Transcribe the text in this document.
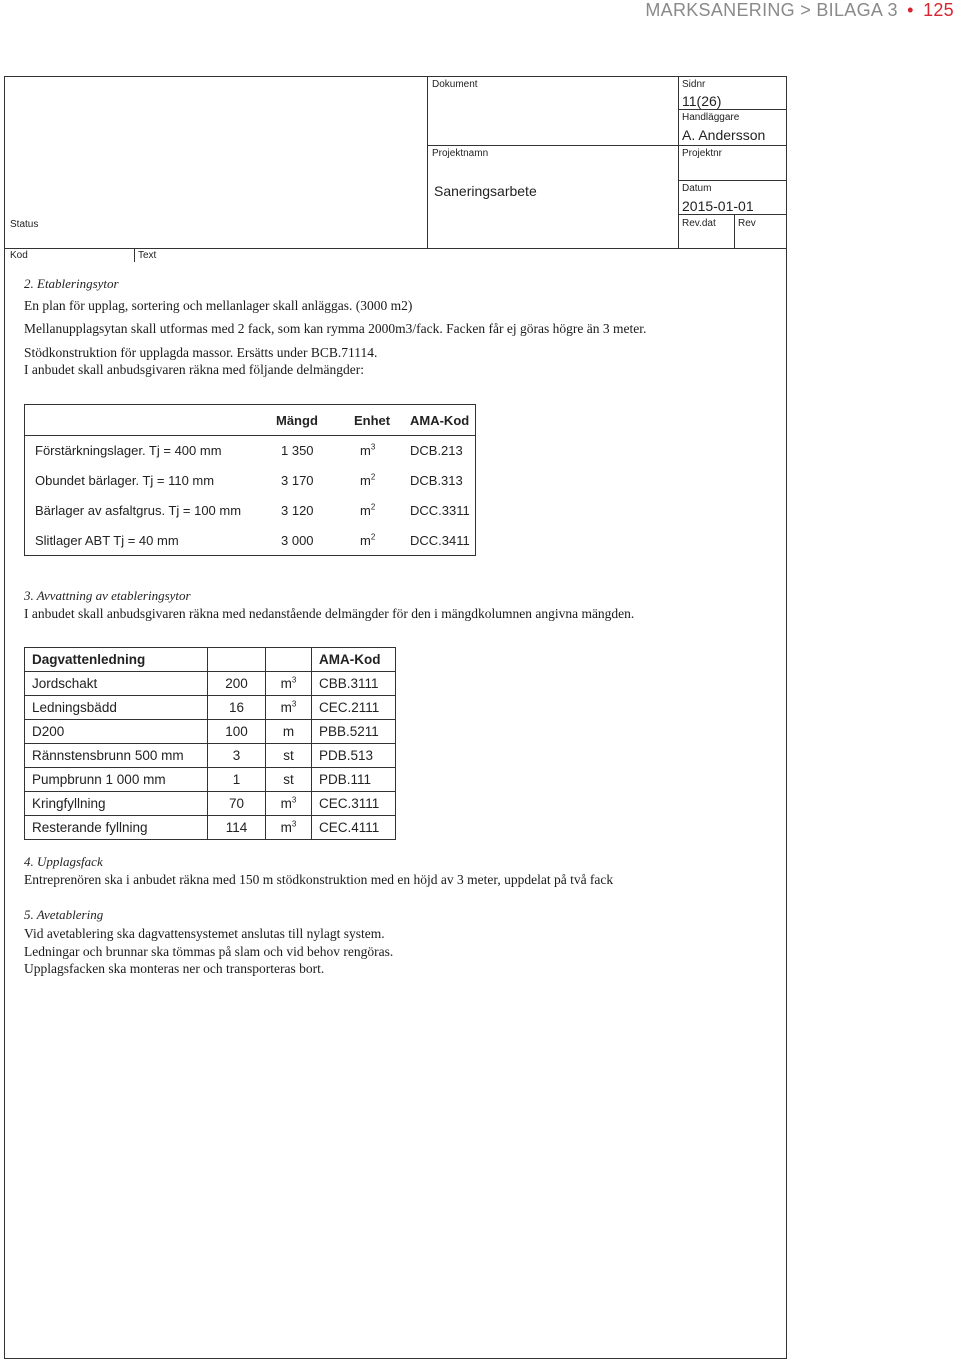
MARKSANERING > BILAGA 3 • 125
Dokument	Sidnr
11(26)
Handläggare
A. Andersson
Projektnamn	Projektnr
Saneringsarbete	Datum
2015-01-01
Status	Rev.dat Rev
Kod	Text
2. Etableringsytor
En plan för upplag, sortering och mellanlager skall anläggas. (3000 m2)
Mellanupplagsytan skall utformas med 2 fack, som kan rymma 2000m3/fack. Facken får ej göras högre än 3 meter.
Stödkonstruktion för upplagda massor. Ersätts under BCB.71114.
I anbudet skall anbudsgivaren räkna med följande delmängder:
	Mängd	Enhet	AMA-Kod
Förstärkningslager. Tj = 400 mm	1 350	$m^3$	DCB.213
Obundet bärlager. Tj = 110 mm	3 170	$m^2$	DCB.313
Bärlager av asfaltgrus. Tj = 100 mm	3 120	$m^2$	DCC.3311
Slitlager ABT Tj = 40 mm	3 000	$m^2$	DCC.3411
3. Avvattning av etableringsytor
I anbudet skall anbudsgivaren räkna med nedanstående delmängder för den i mängdkolumnen angivna mängden.
Dagvattenledning			AMA-Kod
Jordschakt	200	$m^3$	CBB.3111
Ledningsbädd	16	$m^3$	CEC.2111
D200	100	m	PBB.5211
Rännstensbrunn 500 mm	3	st	PDB.513
Pumpbrunn 1 000 mm	1	st	PDB.111
Kringfyllning	70	$m^3$	CEC.3111
Resterande fyllning	114	$m^3$	CEC.4111
4. Upplagsfack
Entreprenören ska i anbudet räkna med 150 m stödkonstruktion med en höjd av 3 meter, uppdelat på två fack
5. Avetablering
Vid avetablering ska dagvattensystemet anslutas till nylagt system.
Ledningar och brunnar ska tömmas på slam och vid behov rengöras.
Upplagsfacken ska monteras ner och transporteras bort.
